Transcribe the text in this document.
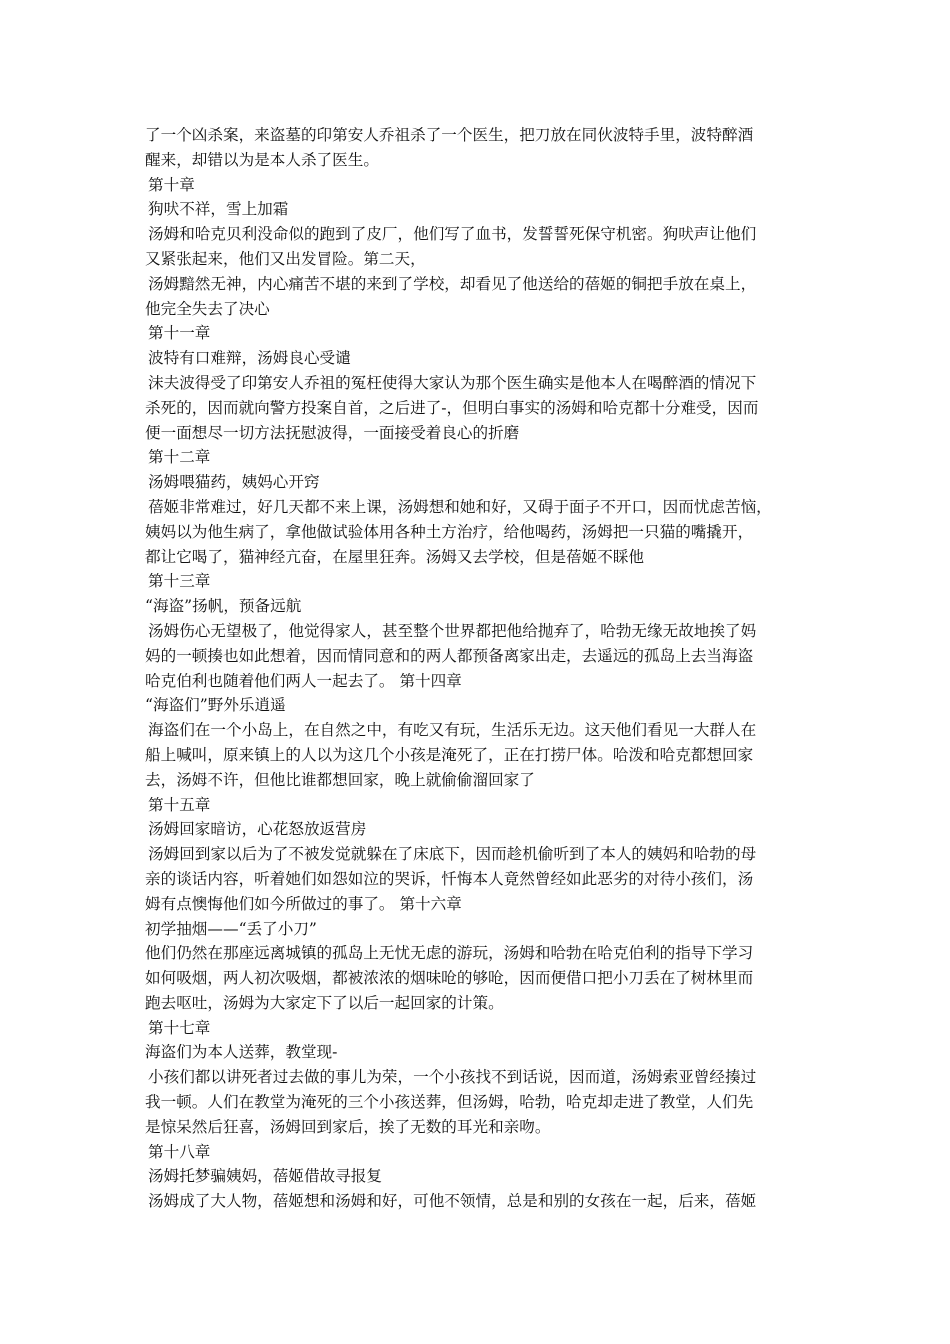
了一个凶杀案，来盗墓的印第安人乔祖杀了一个医生，把刀放在同伙波特手里，波特醉酒
醒来，却错以为是本人杀了医生。
第十章
狗吠不祥，雪上加霜
汤姆和哈克贝利没命似的跑到了皮厂，他们写了血书，发誓誓死保守机密。狗吠声让他们
又紧张起来，他们又出发冒险。第二天，
汤姆黯然无神，内心痛苦不堪的来到了学校，却看见了他送给的蓓姬的铜把手放在桌上，
他完全失去了决心
第十一章
波特有口难辩，汤姆良心受谴
沫夫波得受了印第安人乔祖的冤枉使得大家认为那个医生确实是他本人在喝醉酒的情况下
杀死的，因而就向警方投案自首，之后进了-，但明白事实的汤姆和哈克都十分难受，因而
便一面想尽一切方法抚慰波得，一面接受着良心的折磨
第十二章
汤姆喂猫药，姨妈心开窍
蓓姬非常难过，好几天都不来上课，汤姆想和她和好，又碍于面子不开口，因而忧虑苦恼，
姨妈以为他生病了，拿他做试验体用各种土方治疗，给他喝药，汤姆把一只猫的嘴撬开，
都让它喝了，猫神经亢奋，在屋里狂奔。汤姆又去学校，但是蓓姬不睬他
第十三章
“海盗”扬帆，预备远航
汤姆伤心无望极了，他觉得家人，甚至整个世界都把他给抛弃了，哈勃无缘无故地挨了妈
妈的一顿揍也如此想着，因而情同意和的两人都预备离家出走，去遥远的孤岛上去当海盗
哈克伯利也随着他们两人一起去了。 第十四章
“海盗们”野外乐逍遥
海盗们在一个小岛上，在自然之中，有吃又有玩，生活乐无边。这天他们看见一大群人在
船上喊叫，原来镇上的人以为这几个小孩是淹死了，正在打捞尸体。哈泼和哈克都想回家
去，汤姆不许，但他比谁都想回家，晚上就偷偷溜回家了
第十五章
汤姆回家暗访，心花怒放返营房
汤姆回到家以后为了不被发觉就躲在了床底下，因而趁机偷听到了本人的姨妈和哈勃的母
亲的谈话内容，听着她们如怨如泣的哭诉，忏悔本人竟然曾经如此恶劣的对待小孩们，汤
姆有点懊悔他们如今所做过的事了。 第十六章
初学抽烟——“丢了小刀”
他们仍然在那座远离城镇的孤岛上无忧无虑的游玩，汤姆和哈勃在哈克伯利的指导下学习
如何吸烟，两人初次吸烟，都被浓浓的烟味呛的够呛，因而便借口把小刀丢在了树林里而
跑去呕吐，汤姆为大家定下了以后一起回家的计策。
第十七章
海盗们为本人送葬，教堂现-
小孩们都以讲死者过去做的事儿为荣，一个小孩找不到话说，因而道，汤姆索亚曾经揍过
我一顿。人们在教堂为淹死的三个小孩送葬，但汤姆，哈勃，哈克却走进了教堂，人们先
是惊呆然后狂喜，汤姆回到家后，挨了无数的耳光和亲吻。
第十八章
汤姆托梦骗姨妈，蓓姬借故寻报复
汤姆成了大人物，蓓姬想和汤姆和好，可他不领情，总是和别的女孩在一起，后来，蓓姬
